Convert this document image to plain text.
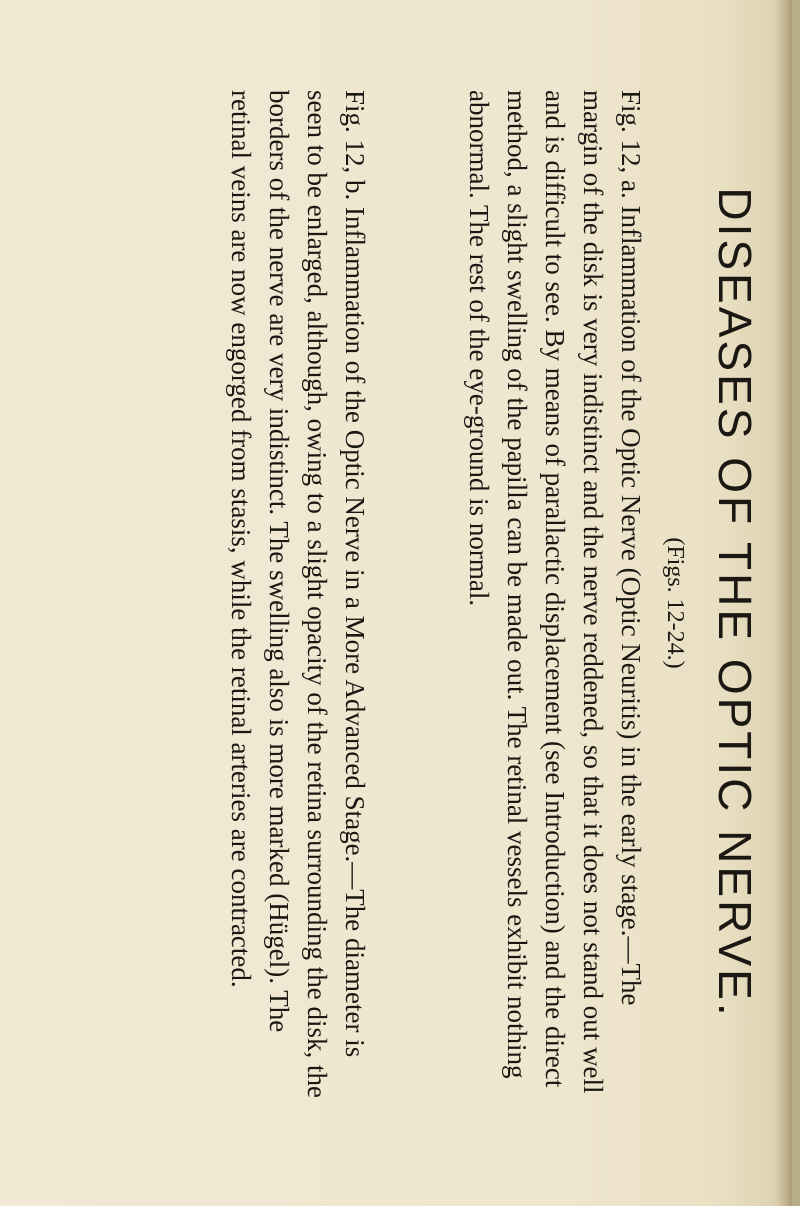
DISEASES OF THE OPTIC NERVE.
(Figs. 12-24.)
Fig. 12, a. Inflammation of the Optic Nerve (Optic Neuritis) in the early stage.—The
margin of the disk is very indistinct and the nerve reddened, so that it does not stand out well
and is difficult to see. By means of parallactic displacement (see Introduction) and the direct
method, a slight swelling of the papilla can be made out. The retinal vessels exhibit nothing
abnormal. The rest of the eye-ground is normal.
Fig. 12, b. Inflammation of the Optic Nerve in a More Advanced Stage.—The diameter is
seen to be enlarged, although, owing to a slight opacity of the retina surrounding the disk, the
borders of the nerve are very indistinct. The swelling also is more marked (Hügel). The
retinal veins are now engorged from stasis, while the retinal arteries are contracted.
